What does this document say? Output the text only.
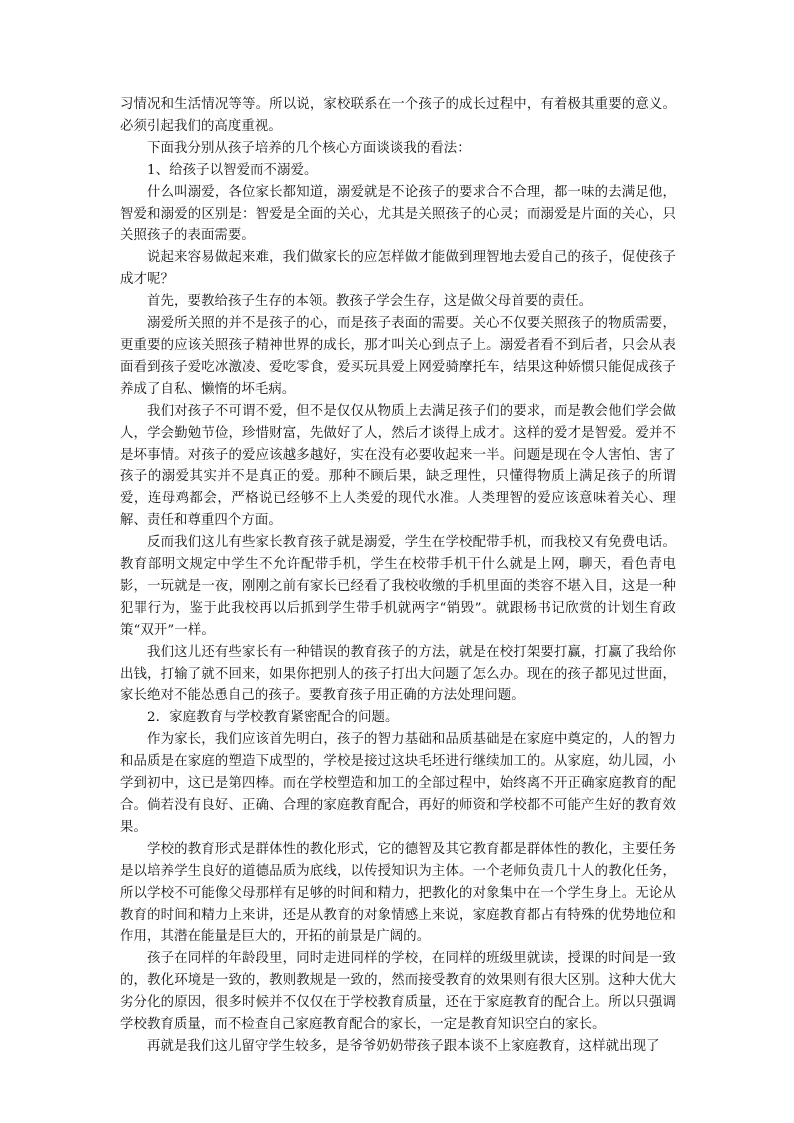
习情况和生活情况等等。所以说，家校联系在一个孩子的成长过程中，有着极其重要的意义。必须引起我们的高度重视。

下面我分别从孩子培养的几个核心方面谈谈我的看法：

1、给孩子以智爱而不溺爱。

什么叫溺爱，各位家长都知道，溺爱就是不论孩子的要求合不合理，都一味的去满足他，智爱和溺爱的区别是：智爱是全面的关心，尤其是关照孩子的心灵；而溺爱是片面的关心，只关照孩子的表面需要。

说起来容易做起来难，我们做家长的应怎样做才能做到理智地去爱自己的孩子，促使孩子成才呢？

首先，要教给孩子生存的本领。教孩子学会生存，这是做父母首要的责任。

溺爱所关照的并不是孩子的心，而是孩子表面的需要。关心不仅要关照孩子的物质需要，更重要的应该关照孩子精神世界的成长，那才叫关心到点子上。溺爱者看不到后者，只会从表面看到孩子爱吃冰激凌、爱吃零食，爱买玩具爱上网爱骑摩托车，结果这种娇惯只能促成孩子养成了自私、懒惰的坏毛病。

我们对孩子不可谓不爱，但不是仅仅从物质上去满足孩子们的要求，而是教会他们学会做人，学会勤勉节俭，珍惜财富，先做好了人，然后才谈得上成才。这样的爱才是智爱。爱并不是坏事情。对孩子的爱应该越多越好，实在没有必要收起来一半。问题是现在令人害怕、害了孩子的溺爱其实并不是真正的爱。那种不顾后果，缺乏理性，只懂得物质上满足孩子的所谓爱，连母鸡都会，严格说已经够不上人类爱的现代水准。人类理智的爱应该意味着关心、理解、责任和尊重四个方面。

反而我们这儿有些家长教育孩子就是溺爱，学生在学校配带手机，而我校又有免费电话。教育部明文规定中学生不允许配带手机，学生在校带手机干什么就是上网，聊天，看色青电影，一玩就是一夜，刚刚之前有家长已经看了我校收缴的手机里面的类容不堪入目，这是一种犯罪行为，鉴于此我校再以后抓到学生带手机就两字“销毁”。就跟杨书记欣赏的计划生育政策“双开”一样。

我们这儿还有些家长有一种错误的教育孩子的方法，就是在校打架要打赢，打赢了我给你出钱，打输了就不回来，如果你把别人的孩子打出大问题了怎么办。现在的孩子都见过世面，家长绝对不能怂恿自己的孩子。要教育孩子用正确的方法处理问题。

2．家庭教育与学校教育紧密配合的问题。

作为家长，我们应该首先明白，孩子的智力基础和品质基础是在家庭中奠定的，人的智力和品质是在家庭的塑造下成型的，学校是接过这块毛坯进行继续加工的。从家庭，幼儿园，小学到初中，这已是第四棒。而在学校塑造和加工的全部过程中，始终离不开正确家庭教育的配合。倘若没有良好、正确、合理的家庭教育配合，再好的师资和学校都不可能产生好的教育效果。

学校的教育形式是群体性的教化形式，它的德智及其它教育都是群体性的教化，主要任务是以培养学生良好的道德品质为底线，以传授知识为主体。一个老师负责几十人的教化任务，所以学校不可能像父母那样有足够的时间和精力，把教化的对象集中在一个学生身上。无论从教育的时间和精力上来讲，还是从教育的对象情感上来说，家庭教育都占有特殊的优势地位和作用，其潜在能量是巨大的，开拓的前景是广阔的。

孩子在同样的年龄段里，同时走进同样的学校，在同样的班级里就读，授课的时间是一致的，教化环境是一致的，教则教规是一致的，然而接受教育的效果则有很大区别。这种大优大劣分化的原因，很多时候并不仅仅在于学校教育质量，还在于家庭教育的配合上。所以只强调学校教育质量，而不检查自己家庭教育配合的家长，一定是教育知识空白的家长。

再就是我们这儿留守学生较多，是爷爷奶奶带孩子跟本谈不上家庭教育，这样就出现了
